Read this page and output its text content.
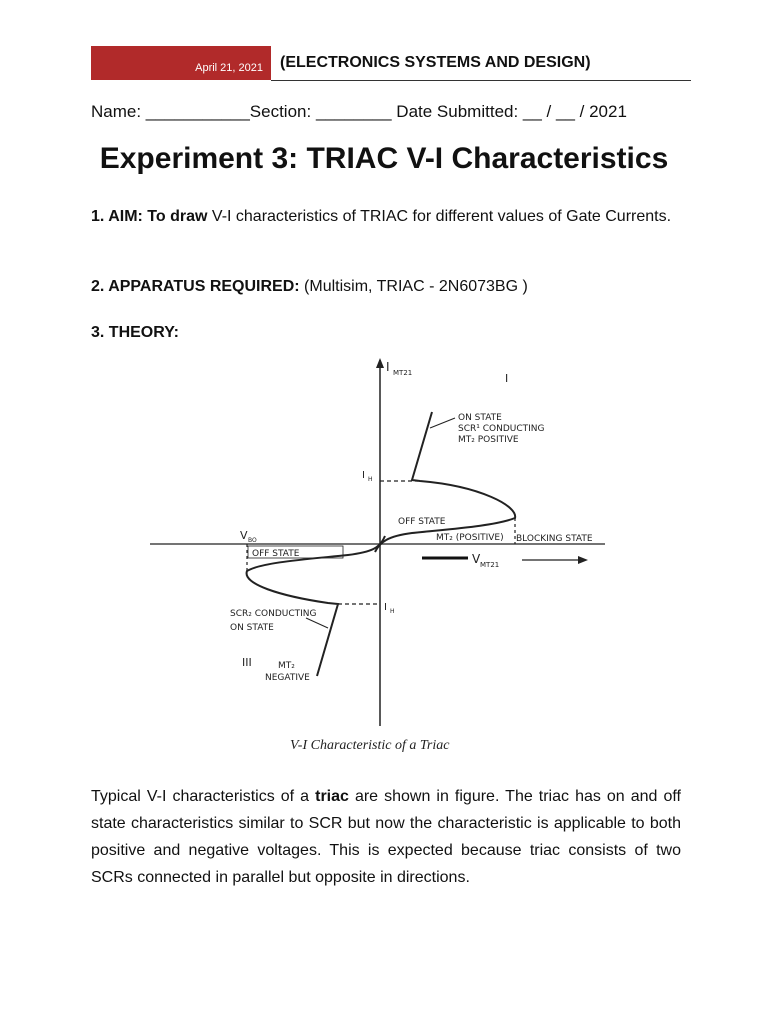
April 21, 2021 (ELECTRONICS SYSTEMS AND DESIGN)
Name: ___________Section: ________ Date Submitted: __ / __ / 2021
Experiment 3: TRIAC V-I Characteristics
1. AIM: To draw V-I characteristics of TRIAC for different values of Gate Currents.
2. APPARATUS REQUIRED: (Multisim, TRIAC - 2N6073BG )
3. THEORY:
I MT21
V MT21
I
III
ON STATE
SCR¹ CONDUCTING
MT₂ POSITIVE
I H
OFF STATE
MT₂ (POSITIVE) BLOCKING STATE
V BO
OFF STATE
I H
SCR₂ CONDUCTING
ON STATE
MT₂
NEGATIVE
V-I Characteristic of a Triac
Typical V-I characteristics of a triac are shown in figure. The triac has on and off state characteristics similar to SCR but now the characteristic is applicable to both positive and negative voltages. This is expected because triac consists of two SCRs connected in parallel but opposite in directions.
